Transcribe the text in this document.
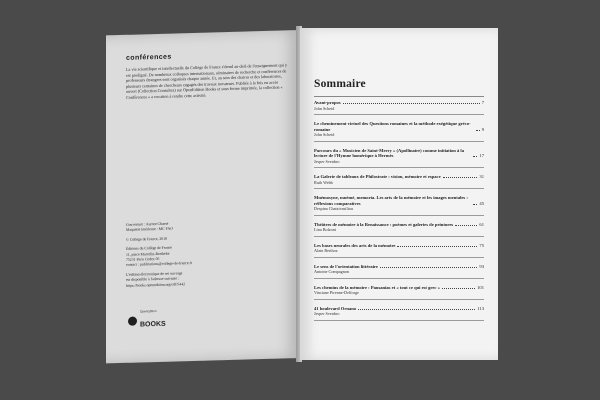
conférences

La vie scientifique et intellectuelle du Collège de France s'étend au-delà de l'enseignement qui y est prodigué. De nombreux colloques internationaux, séminaires de recherche et conférences de professeurs étrangers sont organisés chaque année. Et, au sein des chaires et des laboratoires, plusieurs centaines de chercheurs engagés des travaux novateurs. Publiée à la fois en accès ouvert (Collection Consultez) sur OpenEdition Books et sous forme imprimée, la collection « Conférences » a vocation à rendre cette activité.

Couverture : Aurore Chassé
Maquette intérieure : MC FAO
© Collège de France, 2018
Éditions du Collège de France
11, place Marcelin-Berthelot
75231 Paris Cedex 05
contact : publications@college-de-france.fr
L'édition électronique de cet ouvrage
est disponible à l'adresse suivante :
https://books.openedition.org/cdf/5442
OpenEdition
BOOKS
Sommaire
Avant-propos	7
John Scheid
Le cheminement virtuel des Questions romaines et la méthode exégétique gréco-romaine	9
John Scheid
Parcours du « Musicien de Saint-Merry » (Apollinaire) comme initiation à la lecture de l'Hymne homérique à Hermès	17
Jesper Svenbro
La Galerie de tableaux de Philostrate : vision, mémoire et espace	31
Ruth Webb
Mnémosyne, mnémé, memoria. Les arts de la mémoire et les images mentales : réflexions comparatives	45
Despina Chatzivasiliou
Théâtres de mémoire à la Renaissance : poèmes et galeries de peintures	61
Lina Bolzoni
Les bases neurales des arts de la mémoire	75
Alain Berthoz
Le sens de l'orientation littéraire	93
Antoine Compagnon
Les chemins de la mémoire : Pausanias et « tout ce qui est grec »	101
Vinciane Pirenne-Delforge
41 boulevard Ornano	113
Jesper Svenbro
